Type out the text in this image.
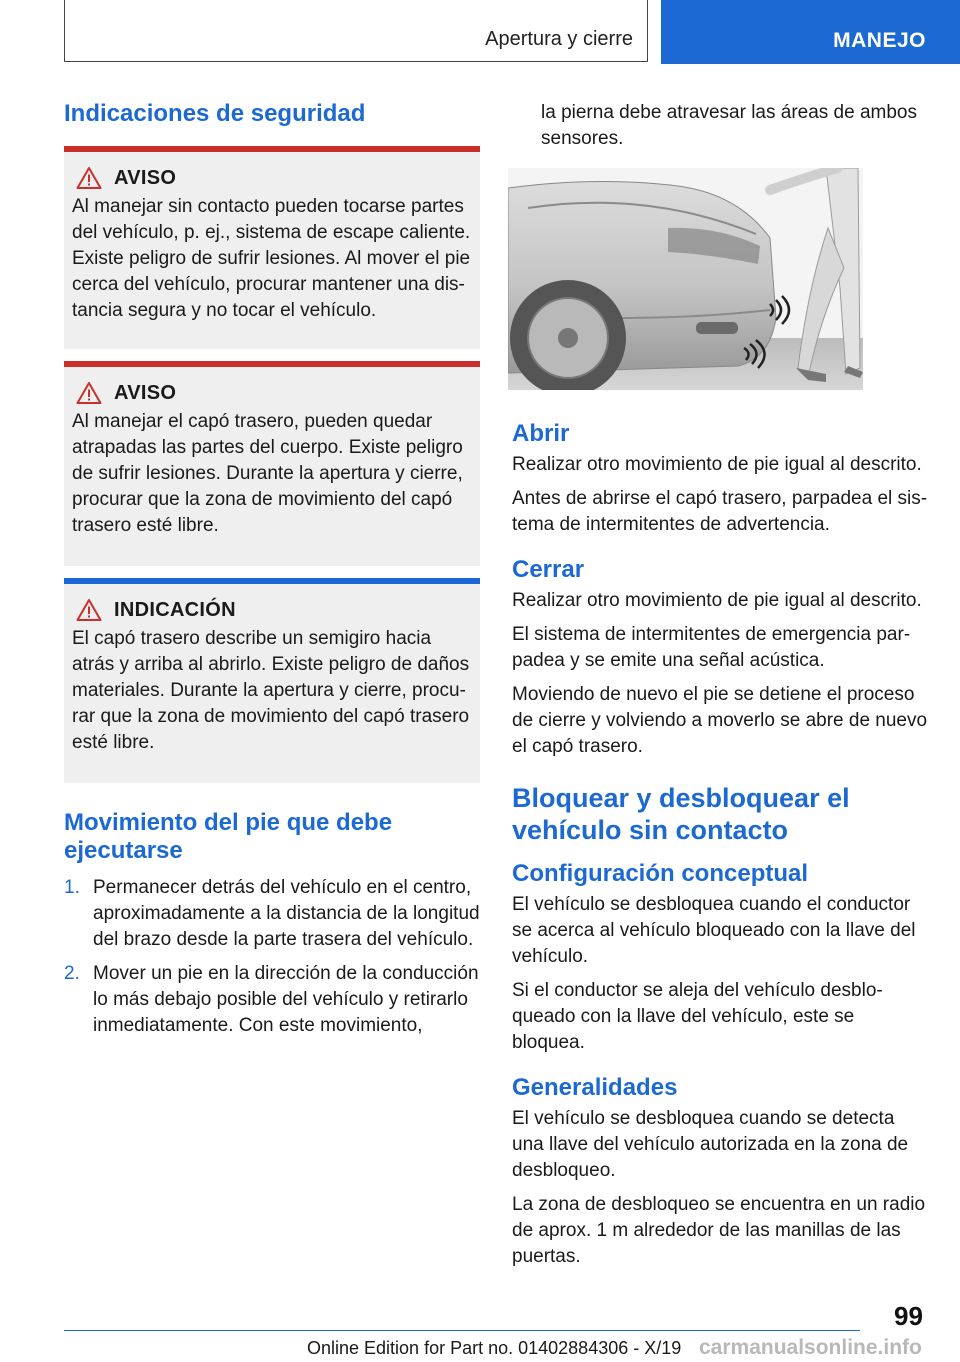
Apertura y cierre	MANEJO
Indicaciones de seguridad
AVISO

Al manejar sin contacto pueden tocarse partes del vehículo, p. ej., sistema de escape caliente. Existe peligro de sufrir lesiones. Al mover el pie cerca del vehículo, procurar mantener una distancia segura y no tocar el vehículo.

AVISO

Al manejar el capó trasero, pueden quedar atrapadas las partes del cuerpo. Existe peligro de sufrir lesiones. Durante la apertura y cierre, procurar que la zona de movimiento del capó trasero esté libre.

INDICACIÓN

El capó trasero describe un semigiro hacia atrás y arriba al abrirlo. Existe peligro de daños materiales. Durante la apertura y cierre, procurar que la zona de movimiento del capó trasero esté libre.

Movimiento del pie que debe ejecutarse
1. Permanecer detrás del vehículo en el centro, aproximadamente a la distancia de la longitud del brazo desde la parte trasera del vehículo.
2. Mover un pie en la dirección de la conducción lo más debajo posible del vehículo y retirarlo inmediatamente. Con este movimiento,

la pierna debe atravesar las áreas de ambos sensores.

Abrir

Realizar otro movimiento de pie igual al descrito.

Antes de abrirse el capó trasero, parpadea el sistema de intermitentes de advertencia.

Cerrar

Realizar otro movimiento de pie igual al descrito.

El sistema de intermitentes de emergencia parpadea y se emite una señal acústica.

Moviendo de nuevo el pie se detiene el proceso de cierre y volviendo a moverlo se abre de nuevo el capó trasero.

Bloquear y desbloquear el vehículo sin contacto
Configuración conceptual

El vehículo se desbloquea cuando el conductor se acerca al vehículo bloqueado con la llave del vehículo.

Si el conductor se aleja del vehículo desbloqueado con la llave del vehículo, este se bloquea.

Generalidades

El vehículo se desbloquea cuando se detecta una llave del vehículo autorizada en la zona de desbloqueo.

La zona de desbloqueo se encuentra en un radio de aprox. 1 m alrededor de las manillas de las puertas.

99
Online Edition for Part no. 01402884306 - X/19 carmanualsonline.info
